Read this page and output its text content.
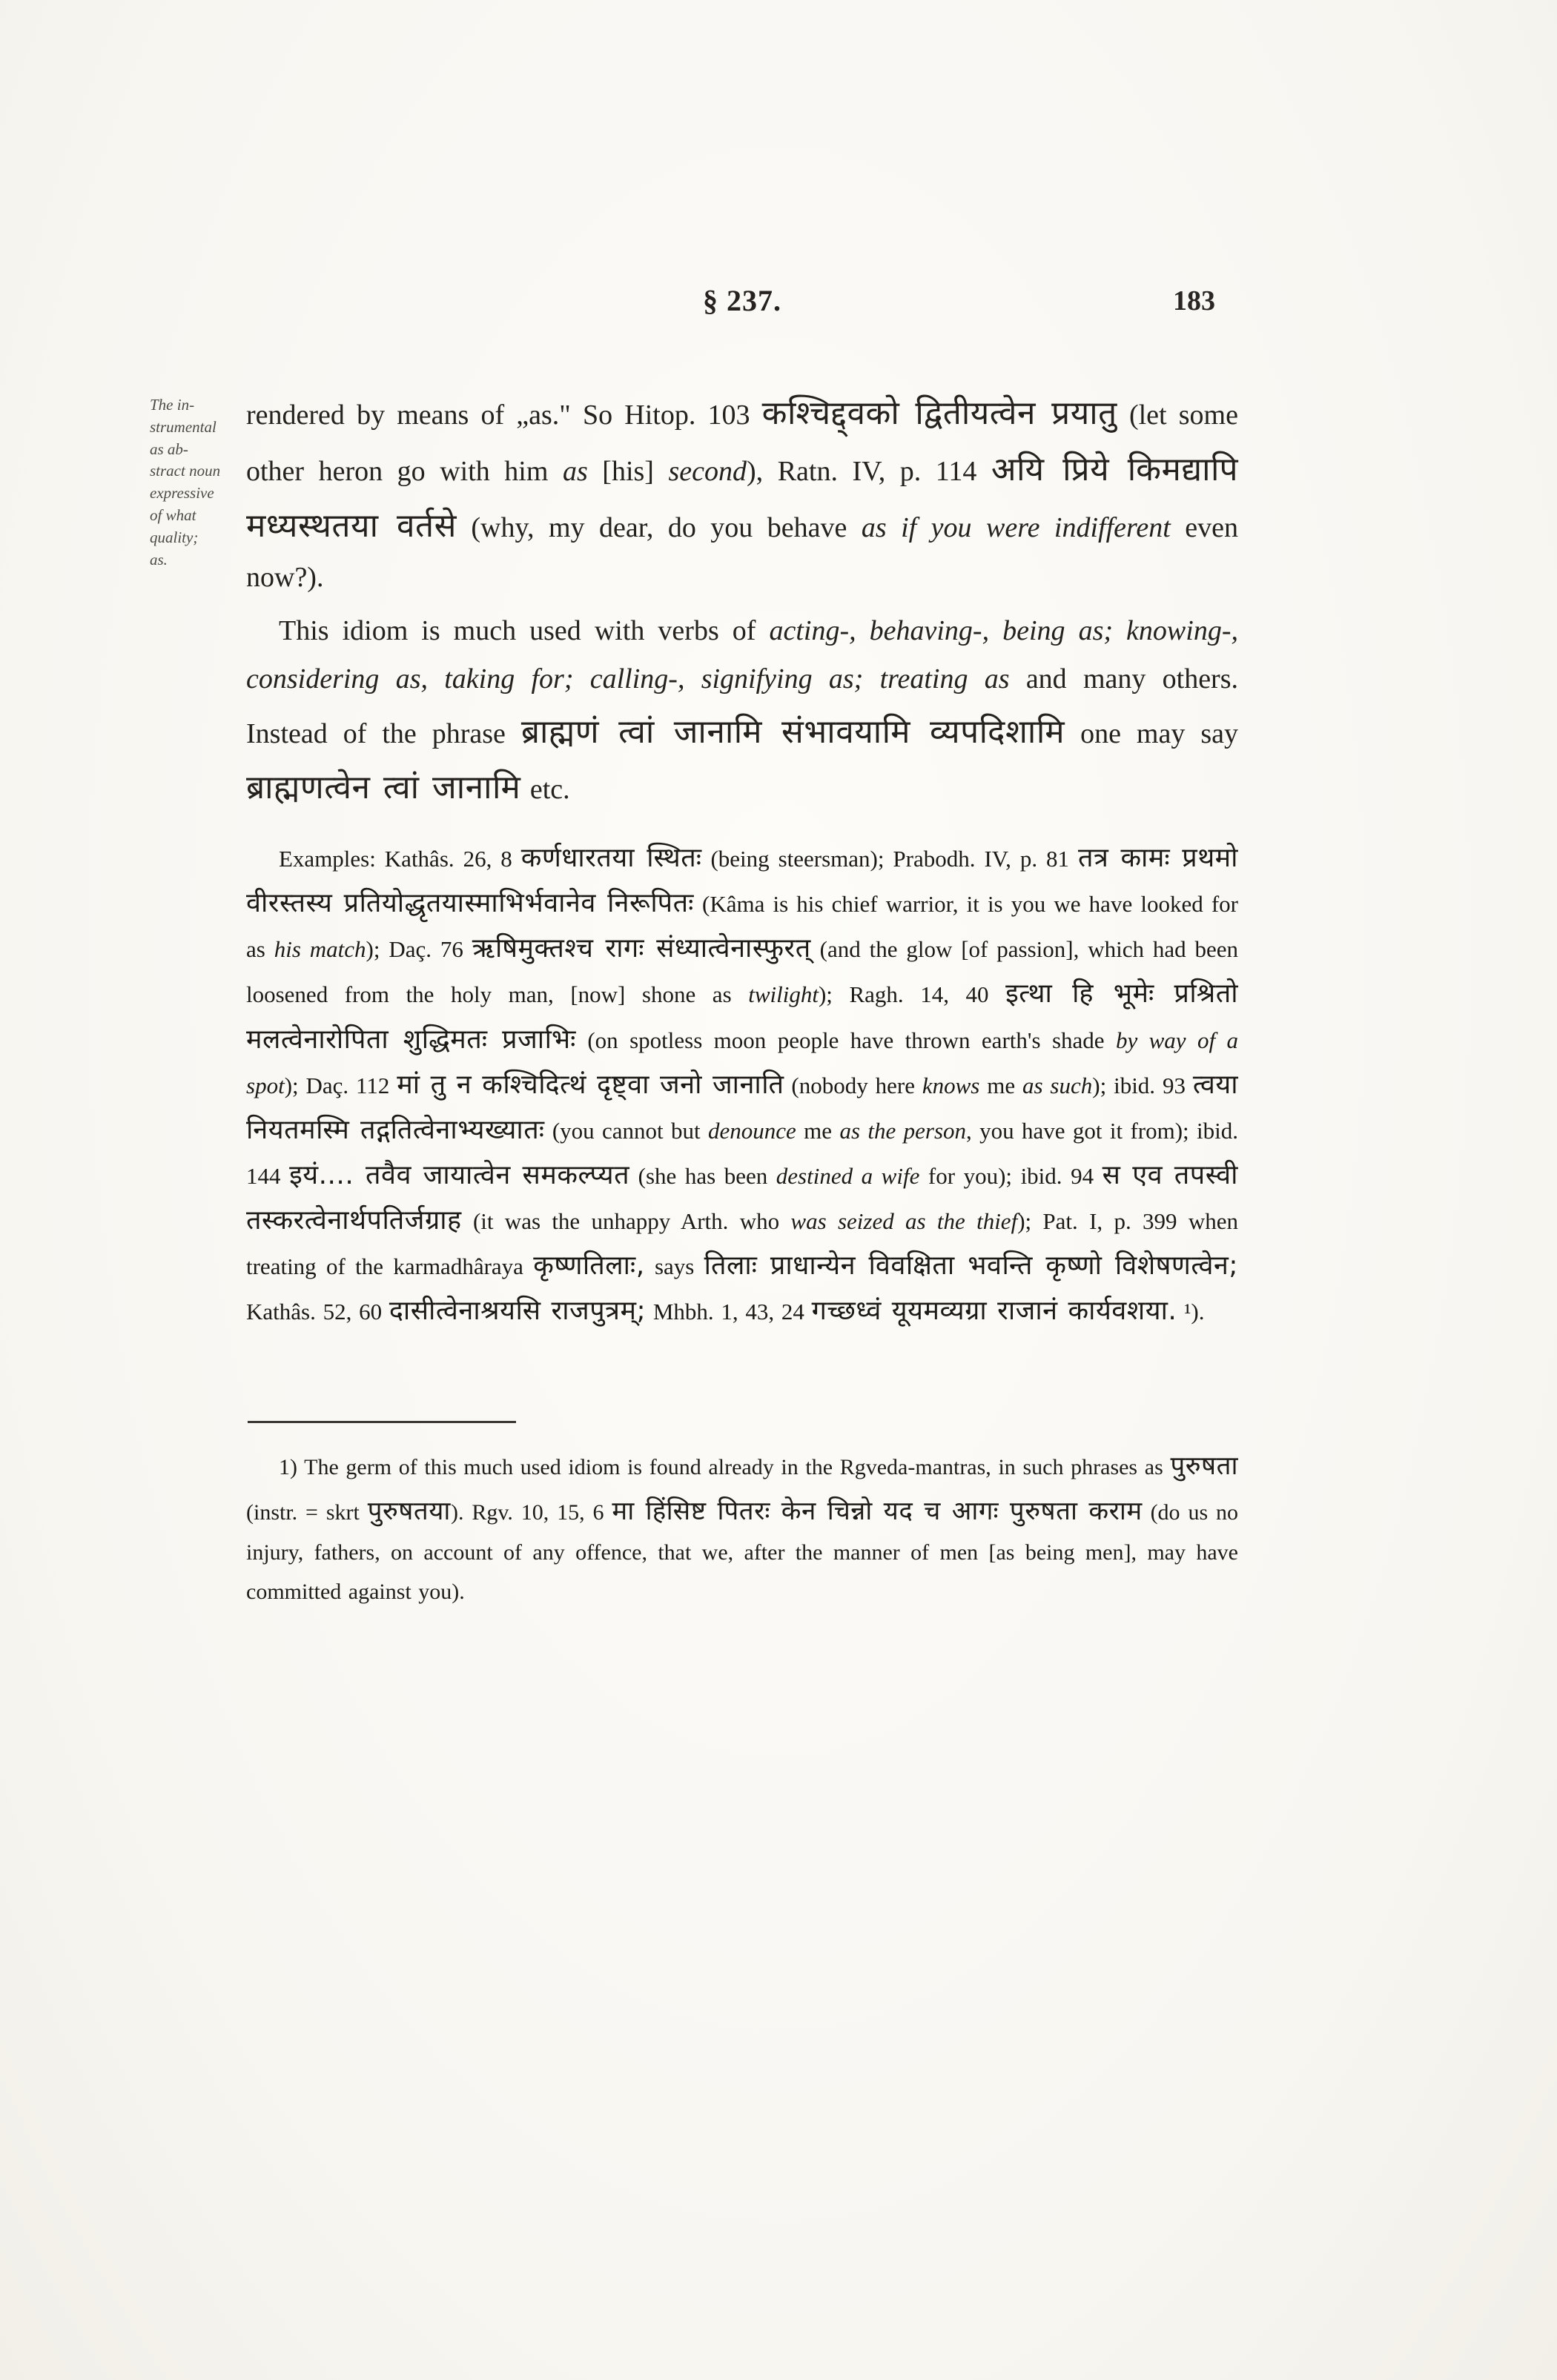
§ 237.	183
The in-
strumental
as ab-
stract noun
expressive
of what
quality;
as.

rendered by means of „as." So Hitop. 103 कश्चिद्द्वको द्वितीयत्वेन प्रयातु (let some other heron go with him as [his] second), Ratn. IV, p. 114 अयि प्रिये किमद्यापि मध्यस्थतया वर्तसे (why, my dear, do you behave as if you were indifferent even now?).

This idiom is much used with verbs of acting-, behaving-, being as; knowing-, considering as, taking for; calling-, signifying as; treating as and many others. Instead of the phrase ब्राह्मणं त्वां जानामि संभावयामि व्यपदिशामि one may say ब्राह्मणत्वेन त्वां जानामि etc.

Examples: Kathâs. 26, 8 कर्णधारतया स्थितः (being steersman); Prabodh. IV, p. 81 तत्र कामः प्रथमो वीरस्तस्य प्रतियोद्धृतयास्माभिर्भवानेव निरूपितः (Kâma is his chief warrior, it is you we have looked for as his match); Daç. 76 ऋषिमुक्तश्च रागः संध्यात्वेनास्फुरत् (and the glow [of passion], which had been loosened from the holy man, [now] shone as twilight); Ragh. 14, 40 इत्था हि भूमेः प्रश्रितो मलत्वेनारोपिता शुद्धिमतः प्रजाभिः (on spotless moon people have thrown earth's shade by way of a spot); Daç. 112 मां तु न कश्चिदित्थं दृष्ट्वा जनो जानाति (nobody here knows me as such); ibid. 93 त्वया नियतमस्मि तद्गतित्वेनाभ्यख्यातः (you cannot but denounce me as the person, you have got it from); ibid. 144 इयं.... तवैव जायात्वेन समकल्प्यत (she has been destined a wife for you); ibid. 94 स एव तपस्वी तस्करत्वेनार्थपतिर्जग्राह (it was the unhappy Arth. who was seized as the thief); Pat. I, p. 399 when treating of the karmadhâraya कृष्णतिलाः, says तिलाः प्राधान्येन विवक्षिता भवन्ति कृष्णो विशेषणत्वेन; Kathâs. 52, 60 दासीत्वेनाश्रयसि राजपुत्रम्; Mhbh. 1, 43, 24 गच्छध्वं यूयमव्यग्रा राजानं कार्यवशया. ¹).

1) The germ of this much used idiom is found already in the Rgveda-mantras, in such phrases as पुरुषता (instr. = skrt पुरुषतया). Rgv. 10, 15, 6 मा हिंसिष्ट पितरः केन चिन्नो यद च आगः पुरुषता कराम (do us no injury, fathers, on account of any offence, that we, after the manner of men [as being men], may have committed against you).
